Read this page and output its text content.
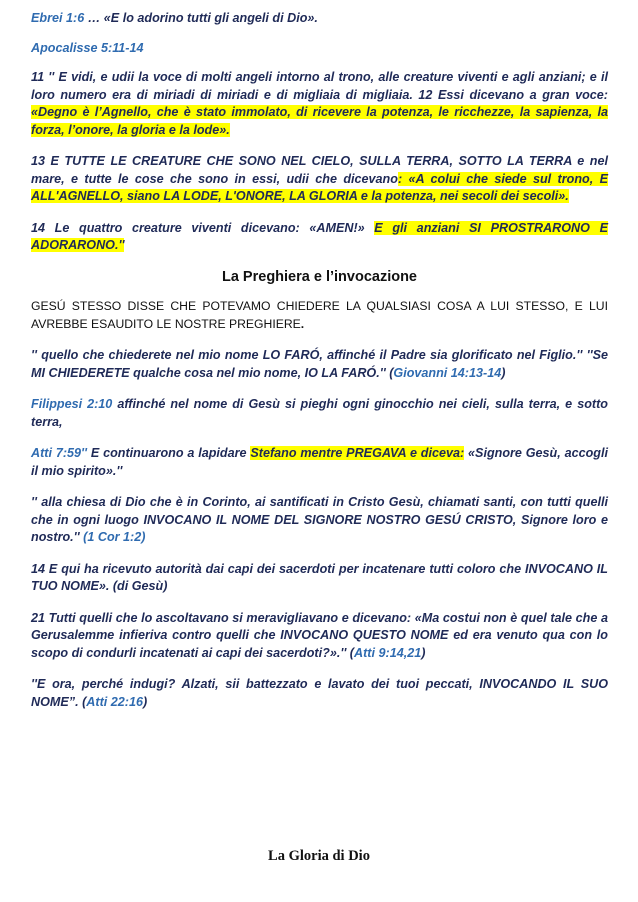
Ebrei 1:6 … «E lo adorino tutti gli angeli di Dio».

Apocalisse 5:11-14

11 '' E vidi, e udii la voce di molti angeli intorno al trono, alle creature viventi e agli anziani; e il loro numero era di miriadi di miriadi e di migliaia di migliaia. 12 Essi dicevano a gran voce: «Degno è l’Agnello, che è stato immolato, di ricevere la potenza, le ricchezze, la sapienza, la forza, l’onore, la gloria e la lode».

13 E TUTTE LE CREATURE CHE SONO NEL CIELO, SULLA TERRA, SOTTO LA TERRA e nel mare, e tutte le cose che sono in essi, udii che dicevano: «A colui che siede sul trono, E ALL'AGNELLO, siano LA LODE, L'ONORE, LA GLORIA e la potenza, nei secoli dei secoli».

14 Le quattro creature viventi dicevano: «AMEN!» E gli anziani SI PROSTRARONO E ADORARONO.''

La Preghiera e l’invocazione

GESÚ STESSO DISSE CHE POTEVAMO CHIEDERE LA QUALSIASI COSA A LUI STESSO, E LUI AVREBBE ESAUDITO LE NOSTRE PREGHIERE.

'' quello che chiederete nel mio nome LO FARÓ, affinché il Padre sia glorificato nel Figlio.'' ''Se MI CHIEDERETE qualche cosa nel mio nome, IO LA FARÓ.'' (Giovanni 14:13-14)

Filippesi 2:10 affinché nel nome di Gesù si pieghi ogni ginocchio nei cieli, sulla terra, e sotto terra,

Atti 7:59'' E continuarono a lapidare Stefano mentre PREGAVA e diceva: «Signore Gesù, accogli il mio spirito».''

'' alla chiesa di Dio che è in Corinto, ai santificati in Cristo Gesù, chiamati santi, con tutti quelli che in ogni luogo INVOCANO IL NOME DEL SIGNORE NOSTRO GESÚ CRISTO, Signore loro e nostro.'' (1 Cor 1:2)

14 E qui ha ricevuto autorità dai capi dei sacerdoti per incatenare tutti coloro che INVOCANO IL TUO NOME». (di Gesù)

21 Tutti quelli che lo ascoltavano si meravigliavano e dicevano: «Ma costui non è quel tale che a Gerusalemme infieriva contro quelli che INVOCANO QUESTO NOME ed era venuto qua con lo scopo di condurli incatenati ai capi dei sacerdoti?».'' (Atti 9:14,21)

''E ora, perché indugi? Alzati, sii battezzato e lavato dei tuoi peccati, INVOCANDO IL SUO NOME”. (Atti 22:16)

La Gloria di Dio
